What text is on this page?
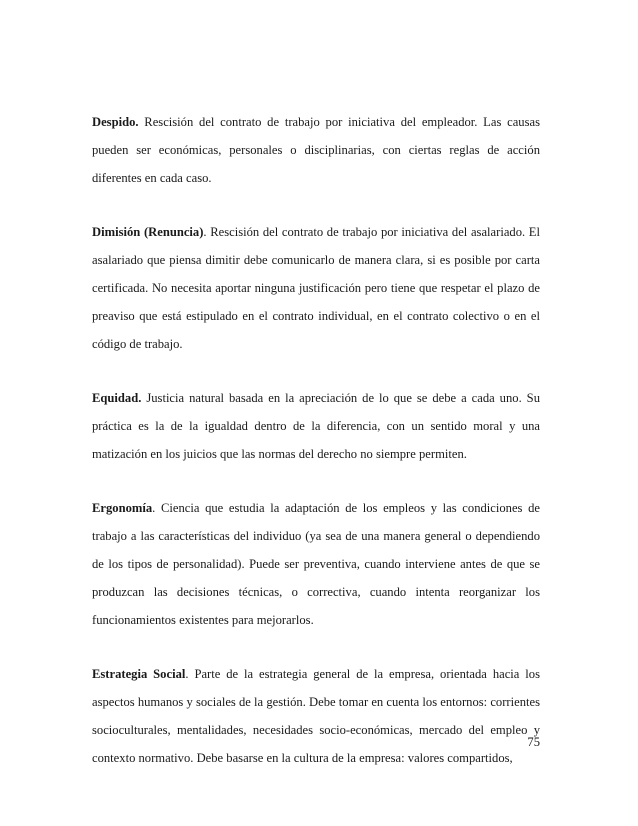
Despido. Rescisión del contrato de trabajo por iniciativa del empleador. Las causas pueden ser económicas, personales o disciplinarias, con ciertas reglas de acción diferentes en cada caso.

Dimisión (Renuncia). Rescisión del contrato de trabajo por iniciativa del asalariado. El asalariado que piensa dimitir debe comunicarlo de manera clara, si es posible por carta certificada. No necesita aportar ninguna justificación pero tiene que respetar el plazo de preaviso que está estipulado en el contrato individual, en el contrato colectivo o en el código de trabajo.

Equidad. Justicia natural basada en la apreciación de lo que se debe a cada uno. Su práctica es la de la igualdad dentro de la diferencia, con un sentido moral y una matización en los juicios que las normas del derecho no siempre permiten.

Ergonomía. Ciencia que estudia la adaptación de los empleos y las condiciones de trabajo a las características del individuo (ya sea de una manera general o dependiendo de los tipos de personalidad). Puede ser preventiva, cuando interviene antes de que se produzcan las decisiones técnicas, o correctiva, cuando intenta reorganizar los funcionamientos existentes para mejorarlos.

Estrategia Social. Parte de la estrategia general de la empresa, orientada hacia los aspectos humanos y sociales de la gestión. Debe tomar en cuenta los entornos: corrientes socioculturales, mentalidades, necesidades socio-económicas, mercado del empleo y contexto normativo. Debe basarse en la cultura de la empresa: valores compartidos,

75
